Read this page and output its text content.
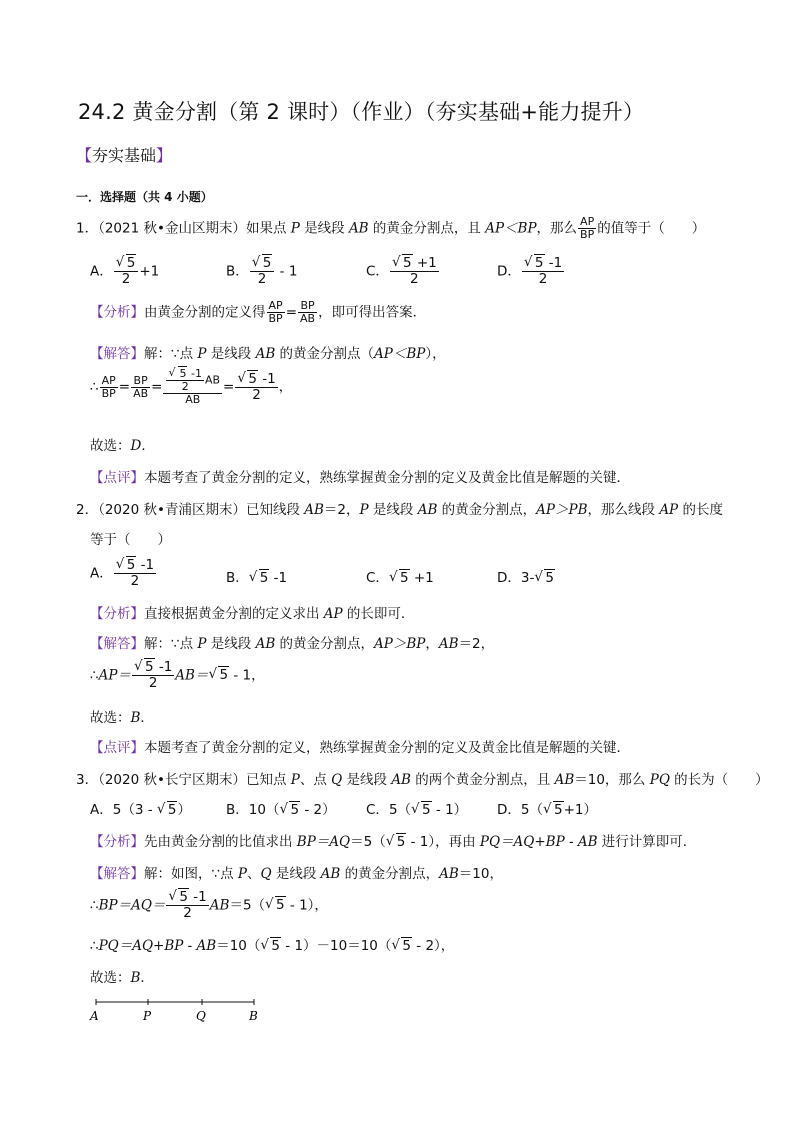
24.2 黄金分割（第 2 课时）（作业）（夯实基础+能力提升）
【夯实基础】
一．选择题（共 4 小题）
1．（2021 秋•金山区期末）如果点 P 是线段 AB 的黄金分割点，且 AP＜BP，那么 $\frac{AP}{BP}$ 的值等于（　　）
A．
√ $\frac{5}{2} +1$	B．
√ $\frac{5}{2} - 1$	C．
√ $\frac{5 +1}{2}$	D．
√ $\frac{5 -1}{2}$
【分析】由黄金分割的定义得 $\frac{AP}{BP} = \frac{BP}{AB}$ ，即可得出答案．
【解答】解：∵点 P 是线段 AB 的黄金分割点（AP＜BP），
∴ $\frac{AP}{BP} = \frac{BP}{AB}$ =
√ $\frac{\frac{5 -1}{2} AB}{AB}$ =
√ $\frac{5 -1}{2}$ ，
故选：D．
【点评】本题考查了黄金分割的定义，熟练掌握黄金分割的定义及黄金比值是解题的关键．
2．（2020 秋•青浦区期末）已知线段 AB＝2，P 是线段 AB 的黄金分割点，AP＞PB，那么线段 AP 的长度
等于（　　）
A．
√ $\frac{5 -1}{2}$	B．√ 5 -1	C．√ 5 +1	D．3-√ 5
【分析】直接根据黄金分割的定义求出 AP 的长即可．
【解答】解：∵点 P 是线段 AB 的黄金分割点，AP＞BP，AB＝2，
∴AP＝
√ $\frac{5 -1}{2} AB=√$ 5 - 1，
故选：B．
【点评】本题考查了黄金分割的定义，熟练掌握黄金分割的定义及黄金比值是解题的关键．
3．（2020 秋•长宁区期末）已知点 P、点 Q 是线段 AB 的两个黄金分割点，且 AB＝10，那么 PQ 的长为（　　）
A．5（3 - √ 5）	B．10（√ 5 - 2） C．5（√ 5 - 1） D．5（√ 5+1）
【分析】先由黄金分割的比值求出 BP＝AQ＝5（√ 5 - 1），再由 PQ＝AQ+BP - AB 进行计算即可．
【解答】解：如图，∵点 P、Q 是线段 AB 的黄金分割点，AB＝10，
∴BP＝AQ＝
√ $\frac{5 -1}{2} AB=5(√$ 5 - 1），
∴PQ＝AQ+BP - AB＝10（√ 5 - 1）－10＝10（√ 5 - 2），
故选：B．
A	P	Q	B
